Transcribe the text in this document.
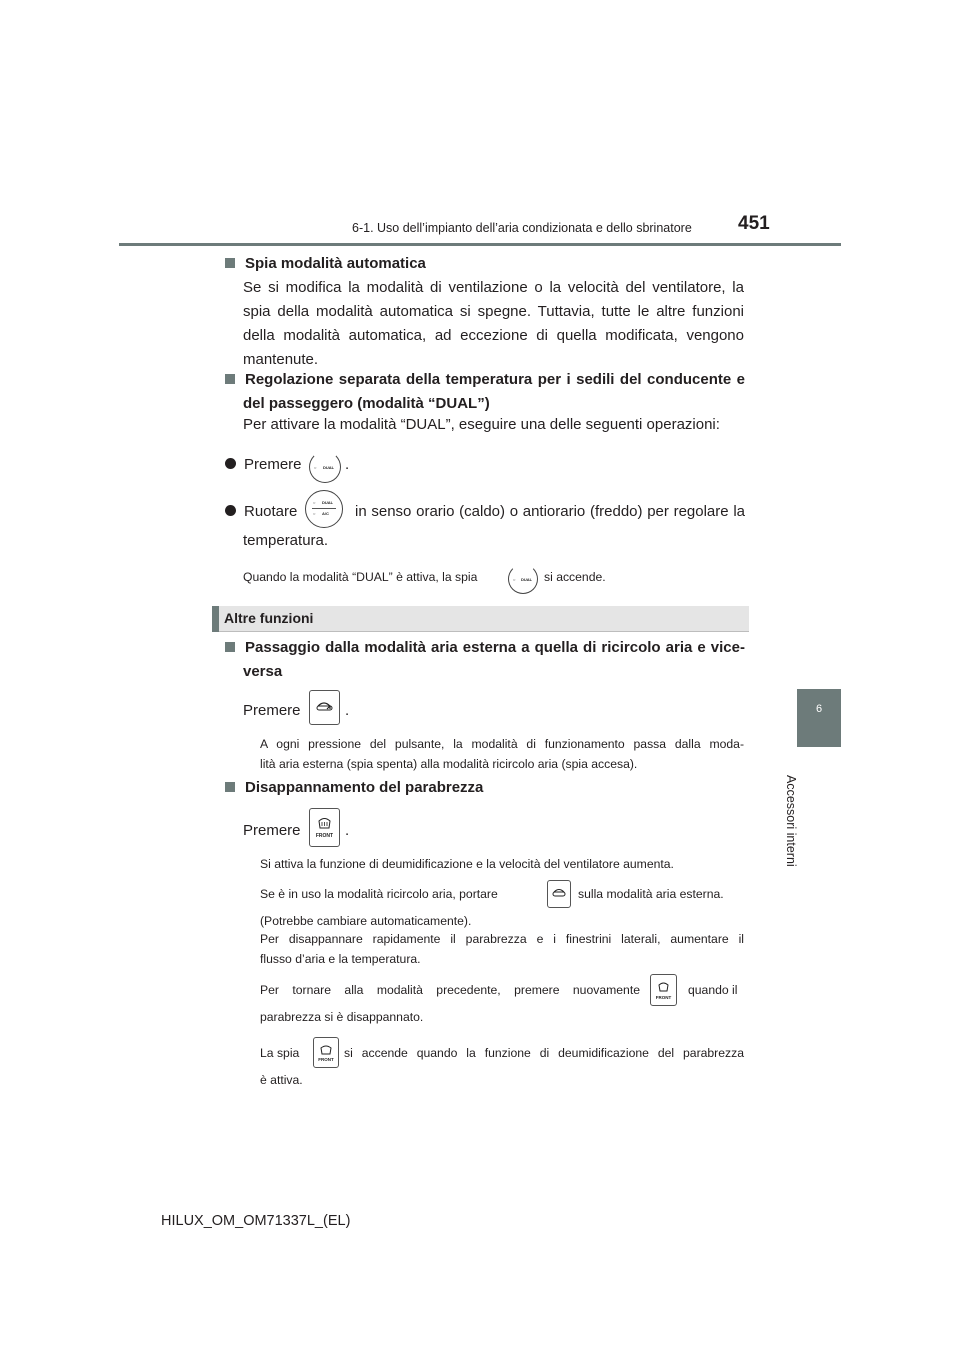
6-1. Uso dell’impianto dell’aria condizionata e dello sbrinatore 451
6
Accessori interni
Spia modalità automatica
Se si modifica la modalità di ventilazione o la velocità del ventilatore, la
spia della modalità automatica si spegne. Tuttavia, tutte le altre funzioni
della modalità automatica, ad eccezione di quella modificata, vengono
mantenute.
Regolazione separata della temperatura per i sedili del conducente e
del passeggero (modalità “DUAL”)
Per attivare la modalità “DUAL”, eseguire una delle seguenti operazioni:
Premere	○ DUAL .
Ruotare
○ DUAL
○ A/C in senso orario (caldo) o antiorario (freddo) per regolare la
temperatura.
Quando la modalità “DUAL” è attiva, la spia	○ DUAL si accende.
Altre funzioni
Passaggio dalla modalità aria esterna a quella di ricircolo aria e vice-
versa
Premere	.
A ogni pressione del pulsante, la modalità di funzionamento passa dalla moda-
lità aria esterna (spia spenta) alla modalità ricircolo aria (spia accesa).
Disappannamento del parabrezza
Premere	FRONT .
Si attiva la funzione di deumidificazione e la velocità del ventilatore aumenta.
Se è in uso la modalità ricircolo aria, portare	sulla modalità aria esterna.
(Potrebbe cambiare automaticamente).
Per disappannare rapidamente il parabrezza e i finestrini laterali, aumentare il
flusso d’aria e la temperatura.
Per tornare alla modalità precedente, premere nuovamente
FRONT
quando il
parabrezza si è disappannato.
La spia	FRONT si accende quando la funzione di deumidificazione del parabrezza
è attiva.
HILUX_OM_OM71337L_(EL)
